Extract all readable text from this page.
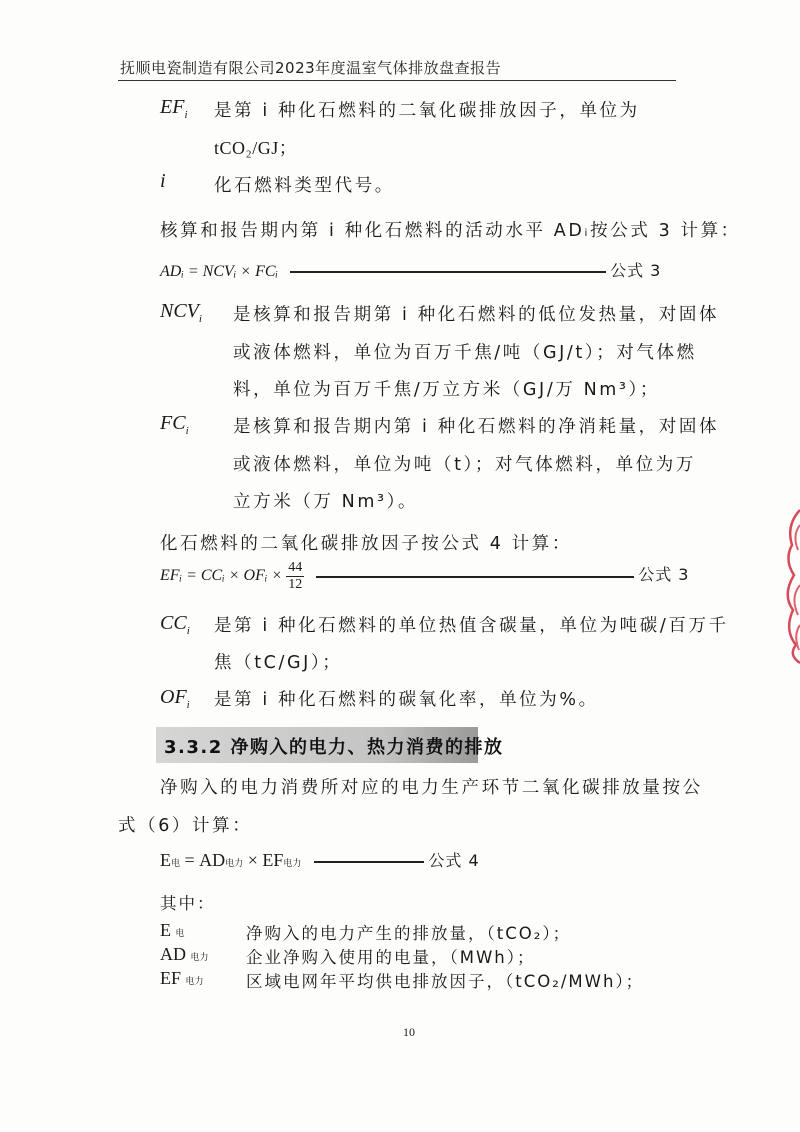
抚顺电瓷制造有限公司2023年度温室气体排放盘查报告
$EF_i$ 是第 i 种化石燃料的二氧化碳排放因子，单位为
tCO₂/GJ；
i	化石燃料类型代号。
核算和报告期内第 i 种化石燃料的活动水平 ADᵢ按公式 3 计算：
ADᵢ = NCVᵢ × FCᵢ	公式 3
$NCV_i$ 是核算和报告期第 i 种化石燃料的低位发热量，对固体
或液体燃料，单位为百万千焦/吨（GJ/t）；对气体燃
料，单位为百万千焦/万立方米（GJ/万 Nm³）；
$FC_i$	是核算和报告期内第 i 种化石燃料的净消耗量，对固体
或液体燃料，单位为吨（t）；对气体燃料，单位为万
立方米（万 Nm³）。
化石燃料的二氧化碳排放因子按公式 4 计算：
EFᵢ = CCᵢ × OFᵢ × $\frac{44}{12}$	公式 3
$CC_i$ 是第 i 种化石燃料的单位热值含碳量，单位为吨碳/百万千
焦（tC/GJ）；
$OF_i$ 是第 i 种化石燃料的碳氧化率，单位为%。
3.3.2 净购入的电力、热力消费的排放
净购入的电力消费所对应的电力生产环节二氧化碳排放量按公
式（6）计算：
E电 = AD电力 × EF电力	公式 4
其中：
E 电	净购入的电力产生的排放量，（tCO₂）；
AD 电力 企业净购入使用的电量，（MWh）；
EF 电力	区域电网年平均供电排放因子，（tCO₂/MWh）；
10
